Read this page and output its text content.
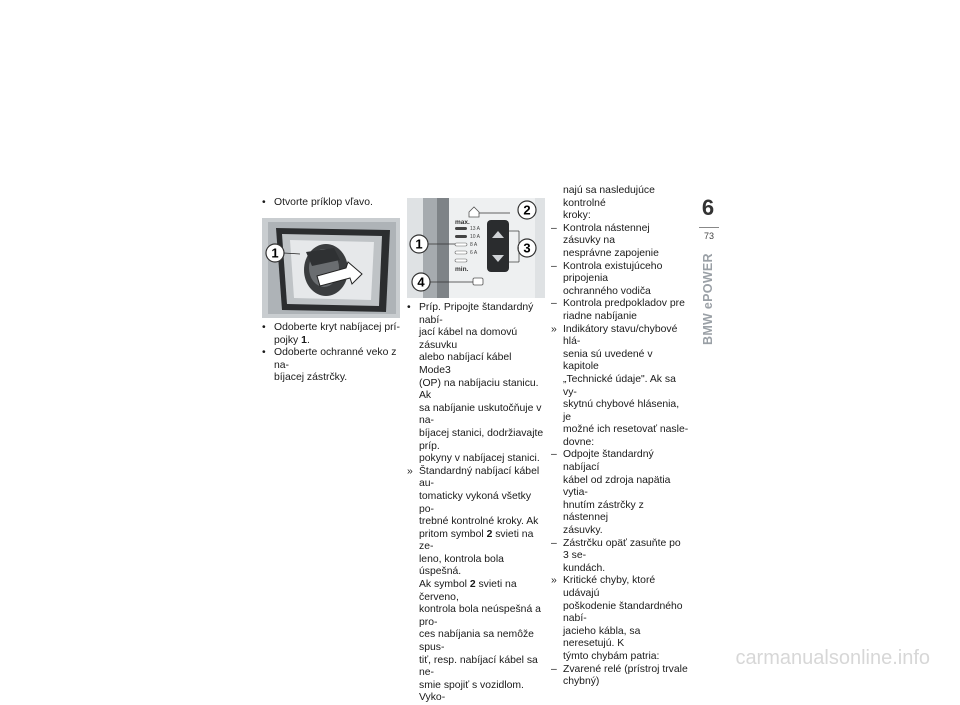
• Otvorte príklop vľavo.
1
• Odoberte kryt nabíjacej prí-
pojky 1.
• Odoberte ochranné veko z na-
bíjacej zástrčky.
max.
13 A
10 A
8 A
6 A
min.
2
1	3
4
• Príp. Pripojte štandardný nabí-
jací kábel na domovú zásuvku
alebo nabíjací kábel Mode3
(OP) na nabíjaciu stanicu. Ak
sa nabíjanie uskutočňuje v na-
bíjacej stanici, dodržiavajte príp.
pokyny v nabíjacej stanici.
» Štandardný nabíjací kábel au-
tomaticky vykoná všetky po-
trebné kontrolné kroky. Ak
pritom symbol 2 svieti na ze-
leno, kontrola bola úspešná.
Ak symbol 2 svieti na červeno,
kontrola bola neúspešná a pro-
ces nabíjania sa nemôže spus-
tiť, resp. nabíjací kábel sa ne-
smie spojiť s vozidlom. Vyko-
najú sa nasledujúce kontrolné
kroky:
– Kontrola nástennej zásuvky na
nesprávne zapojenie
– Kontrola existujúceho pripojenia
ochranného vodiča
– Kontrola predpokladov pre
riadne nabíjanie
» Indikátory stavu/chybové hlá-
senia sú uvedené v kapitole
„Technické údaje". Ak sa vy-
skytnú chybové hlásenia, je
možné ich resetovať nasle-
dovne:
– Odpojte štandardný nabíjací
kábel od zdroja napätia vytia-
hnutím zástrčky z nástennej
zásuvky.
– Zástrčku opäť zasuňte po 3 se-
kundách.
» Kritické chyby, ktoré udávajú
poškodenie štandardného nabí-
jacieho kábla, sa neresetujú. K
týmto chybám patria:
– Zvarené relé (prístroj trvale
chybný)
6
73
BMW ePOWER
carmanualsonline.info
